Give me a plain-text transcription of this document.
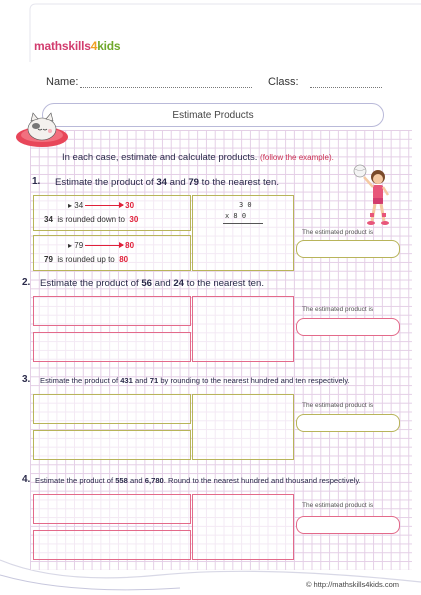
mathskills4kids
Name:	Class:
Estimate Products
In each case, estimate and calculate products. (follow the example).
1. Estimate the product of 34 and 79 to the nearest ten.
▸ 34	30
34 is rounded down to 30
▸ 79	80
79 is rounded up to 80
3 0
x 8 0
The estimated product is
2. Estimate the product of 56 and 24 to the nearest ten.
The estimated product is
3. Estimate the product of 431 and 71 by rounding to the nearest hundred and ten respectively.
The estimated product is
4. Estimate the product of 558 and 6,780. Round to the nearest hundred and thousand respectively.
The estimated product is
© http://mathskills4kids.com
